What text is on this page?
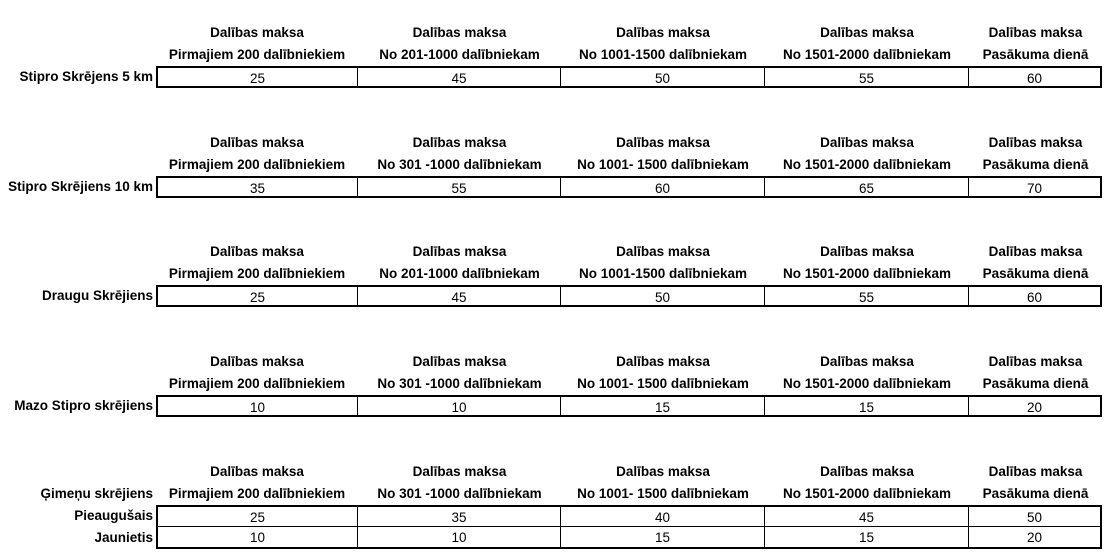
Dalības maksa	Dalības maksa	Dalības maksa	Dalības maksa	Dalības maksa
Pirmajiem 200 dalībniekiem	No 201-1000 dalībniekam	No 1001-1500 dalībniekam	No 1501-2000 dalībniekam	Pasākuma dienā
Stipro Skrējens 5 km	25	45	50	55	60
Dalības maksa	Dalības maksa	Dalības maksa	Dalības maksa	Dalības maksa
Pirmajiem 200 dalībniekiem	No 301 -1000 dalībniekam	No 1001- 1500 dalībniekam	No 1501-2000 dalībniekam	Pasākuma dienā
Stipro Skrējiens 10 km	35	55	60	65	70
Dalības maksa	Dalības maksa	Dalības maksa	Dalības maksa	Dalības maksa
Pirmajiem 200 dalībniekiem	No 201-1000 dalībniekam	No 1001-1500 dalībniekam	No 1501-2000 dalībniekam	Pasākuma dienā
Draugu Skrējiens	25	45	50	55	60
Dalības maksa	Dalības maksa	Dalības maksa	Dalības maksa	Dalības maksa
Pirmajiem 200 dalībniekiem	No 301 -1000 dalībniekam	No 1001- 1500 dalībniekam	No 1501-2000 dalībniekam	Pasākuma dienā
Mazo Stipro skrējiens	10	10	15	15	20
Dalības maksa	Dalības maksa	Dalības maksa	Dalības maksa	Dalības maksa
Ģimeņu skrējiens	Pirmajiem 200 dalībniekiem	No 301 -1000 dalībniekam	No 1001- 1500 dalībniekam	No 1501-2000 dalībniekam	Pasākuma dienā
Pieaugušais	25	35	40	45	50
Jaunietis	10	10	15	15	20
